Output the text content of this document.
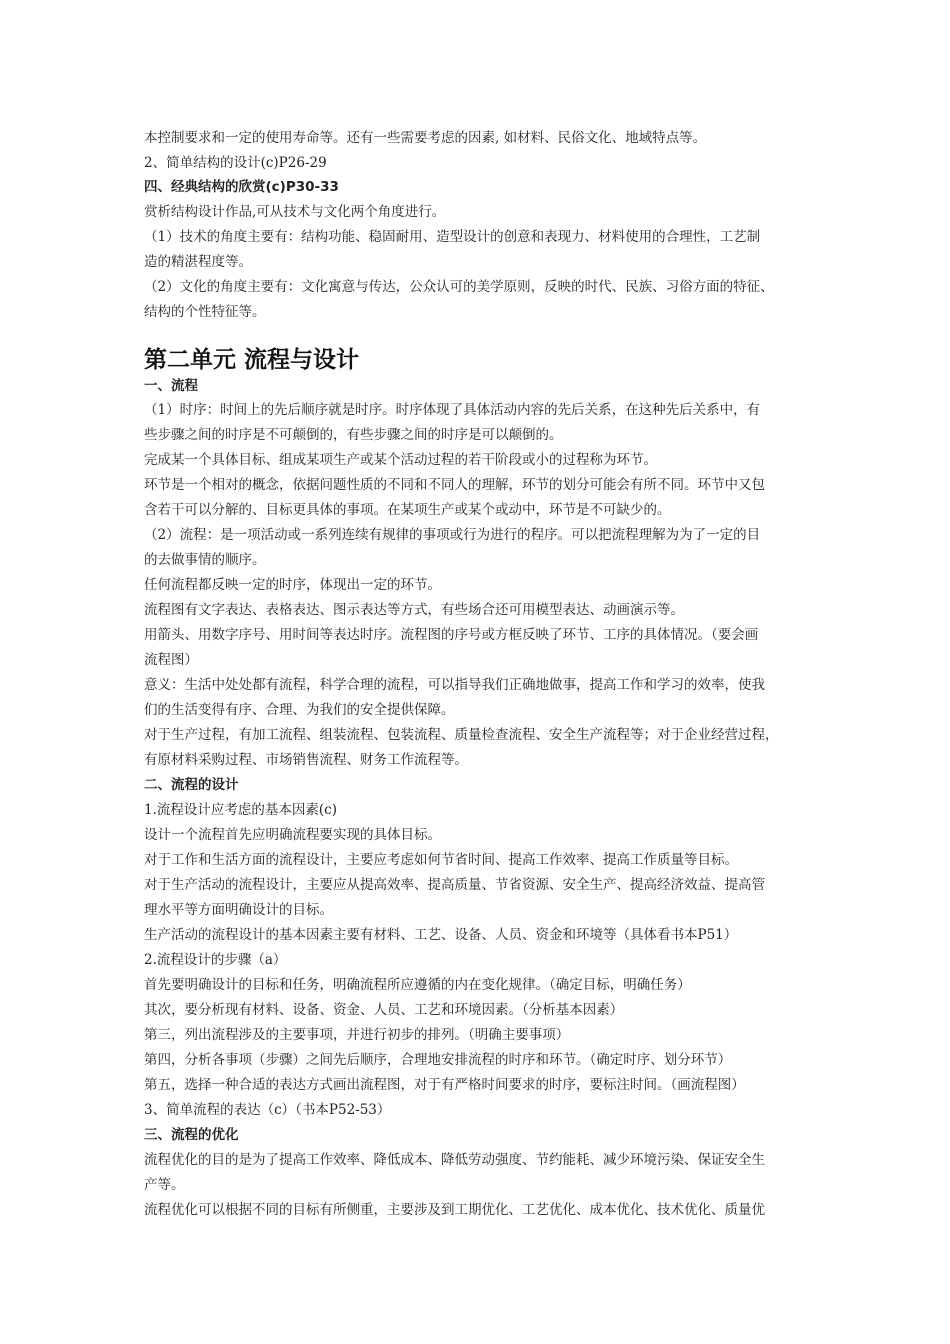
本控制要求和一定的使用寿命等。还有一些需要考虑的因素, 如材料、民俗文化、地域特点等。
2、简单结构的设计(c)P26-29
四、经典结构的欣赏(c)P30-33
赏析结构设计作品,可从技术与文化两个角度进行。
（1）技术的角度主要有：结构功能、稳固耐用、造型设计的创意和表现力、材料使用的合理性，工艺制
造的精湛程度等。
（2）文化的角度主要有：文化寓意与传达，公众认可的美学原则，反映的时代、民族、习俗方面的特征、
结构的个性特征等。
第二单元 流程与设计
一、流程
（1）时序：时间上的先后顺序就是时序。时序体现了具体活动内容的先后关系，在这种先后关系中，有
些步骤之间的时序是不可颠倒的，有些步骤之间的时序是可以颠倒的。
完成某一个具体目标、组成某项生产或某个活动过程的若干阶段或小的过程称为环节。
环节是一个相对的概念，依据问题性质的不同和不同人的理解，环节的划分可能会有所不同。环节中又包
含若干可以分解的、目标更具体的事项。在某项生产或某个或动中，环节是不可缺少的。
（2）流程：是一项活动或一系列连续有规律的事项或行为进行的程序。可以把流程理解为为了一定的目
的去做事情的顺序。
任何流程都反映一定的时序，体现出一定的环节。
流程图有文字表达、表格表达、图示表达等方式，有些场合还可用模型表达、动画演示等。
用箭头、用数字序号、用时间等表达时序。流程图的序号或方框反映了环节、工序的具体情况。（要会画
流程图）
意义：生活中处处都有流程，科学合理的流程，可以指导我们正确地做事，提高工作和学习的效率，使我
们的生活变得有序、合理、为我们的安全提供保障。
对于生产过程，有加工流程、组装流程、包装流程、质量检查流程、安全生产流程等；对于企业经营过程，
有原材料采购过程、市场销售流程、财务工作流程等。
二、流程的设计
1.流程设计应考虑的基本因素(c)
设计一个流程首先应明确流程要实现的具体目标。
对于工作和生活方面的流程设计，主要应考虑如何节省时间、提高工作效率、提高工作质量等目标。
对于生产活动的流程设计，主要应从提高效率、提高质量、节省资源、安全生产、提高经济效益、提高管
理水平等方面明确设计的目标。
生产活动的流程设计的基本因素主要有材料、工艺、设备、人员、资金和环境等（具体看书本P51）
2.流程设计的步骤（a）
首先要明确设计的目标和任务，明确流程所应遵循的内在变化规律。（确定目标，明确任务）
其次，要分析现有材料、设备、资金、人员、工艺和环境因素。（分析基本因素）
第三，列出流程涉及的主要事项，并进行初步的排列。（明确主要事项）
第四，分析各事项（步骤）之间先后顺序，合理地安排流程的时序和环节。（确定时序、划分环节）
第五，选择一种合适的表达方式画出流程图，对于有严格时间要求的时序，要标注时间。（画流程图）
3、简单流程的表达（c）（书本P52-53）
三、流程的优化
流程优化的目的是为了提高工作效率、降低成本、降低劳动强度、节约能耗、减少环境污染、保证安全生
产等。
流程优化可以根据不同的目标有所侧重，主要涉及到工期优化、工艺优化、成本优化、技术优化、质量优
